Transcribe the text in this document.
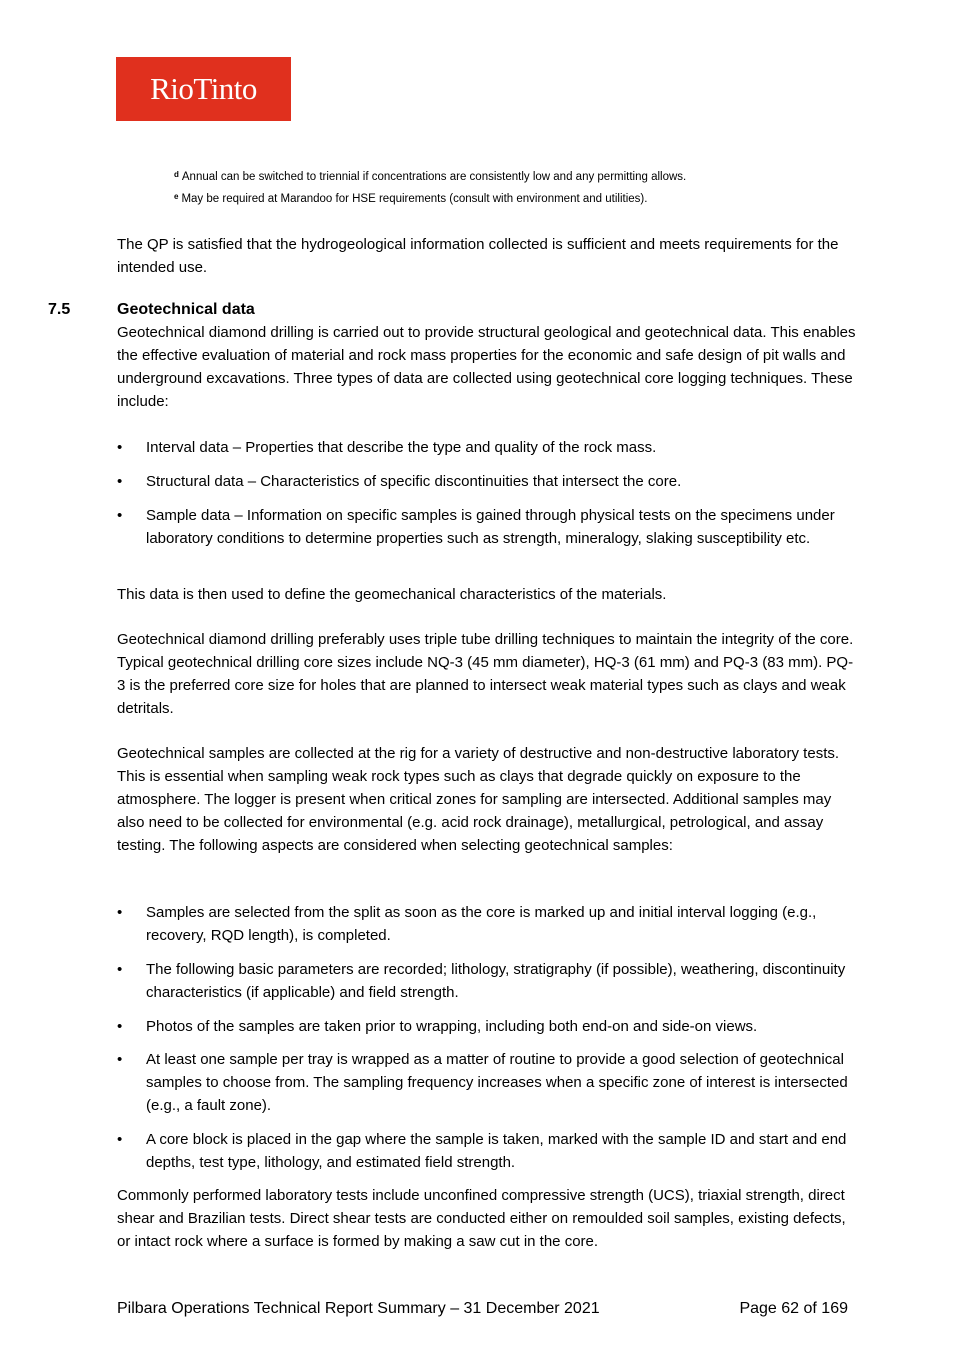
RioTinto
$^d$ Annual can be switched to triennial if concentrations are consistently low and any permitting allows.
$^e$ May be required at Marandoo for HSE requirements (consult with environment and utilities).
The QP is satisfied that the hydrogeological information collected is sufficient and meets requirements for the intended use.
7.5	Geotechnical data
Geotechnical diamond drilling is carried out to provide structural geological and geotechnical data. This enables the effective evaluation of material and rock mass properties for the economic and safe design of pit walls and underground excavations. Three types of data are collected using geotechnical core logging techniques. These include:
• Interval data – Properties that describe the type and quality of the rock mass.
• Structural data – Characteristics of specific discontinuities that intersect the core.
• Sample data – Information on specific samples is gained through physical tests on the specimens under laboratory conditions to determine properties such as strength, mineralogy, slaking susceptibility etc.
This data is then used to define the geomechanical characteristics of the materials.
Geotechnical diamond drilling preferably uses triple tube drilling techniques to maintain the integrity of the core. Typical geotechnical drilling core sizes include NQ-3 (45 mm diameter), HQ-3 (61 mm) and PQ-3 (83 mm). PQ-3 is the preferred core size for holes that are planned to intersect weak material types such as clays and weak detritals.
Geotechnical samples are collected at the rig for a variety of destructive and non-destructive laboratory tests. This is essential when sampling weak rock types such as clays that degrade quickly on exposure to the atmosphere. The logger is present when critical zones for sampling are intersected. Additional samples may also need to be collected for environmental (e.g. acid rock drainage), metallurgical, petrological, and assay testing. The following aspects are considered when selecting geotechnical samples:
• Samples are selected from the split as soon as the core is marked up and initial interval logging (e.g., recovery, RQD length), is completed.
• The following basic parameters are recorded; lithology, stratigraphy (if possible), weathering, discontinuity characteristics (if applicable) and field strength.
• Photos of the samples are taken prior to wrapping, including both end-on and side-on views.
• At least one sample per tray is wrapped as a matter of routine to provide a good selection of geotechnical samples to choose from. The sampling frequency increases when a specific zone of interest is intersected (e.g., a fault zone).
• A core block is placed in the gap where the sample is taken, marked with the sample ID and start and end depths, test type, lithology, and estimated field strength.
Commonly performed laboratory tests include unconfined compressive strength (UCS), triaxial strength, direct shear and Brazilian tests. Direct shear tests are conducted either on remoulded soil samples, existing defects, or intact rock where a surface is formed by making a saw cut in the core.
Pilbara Operations Technical Report Summary – 31 December 2021	Page 62 of 169
